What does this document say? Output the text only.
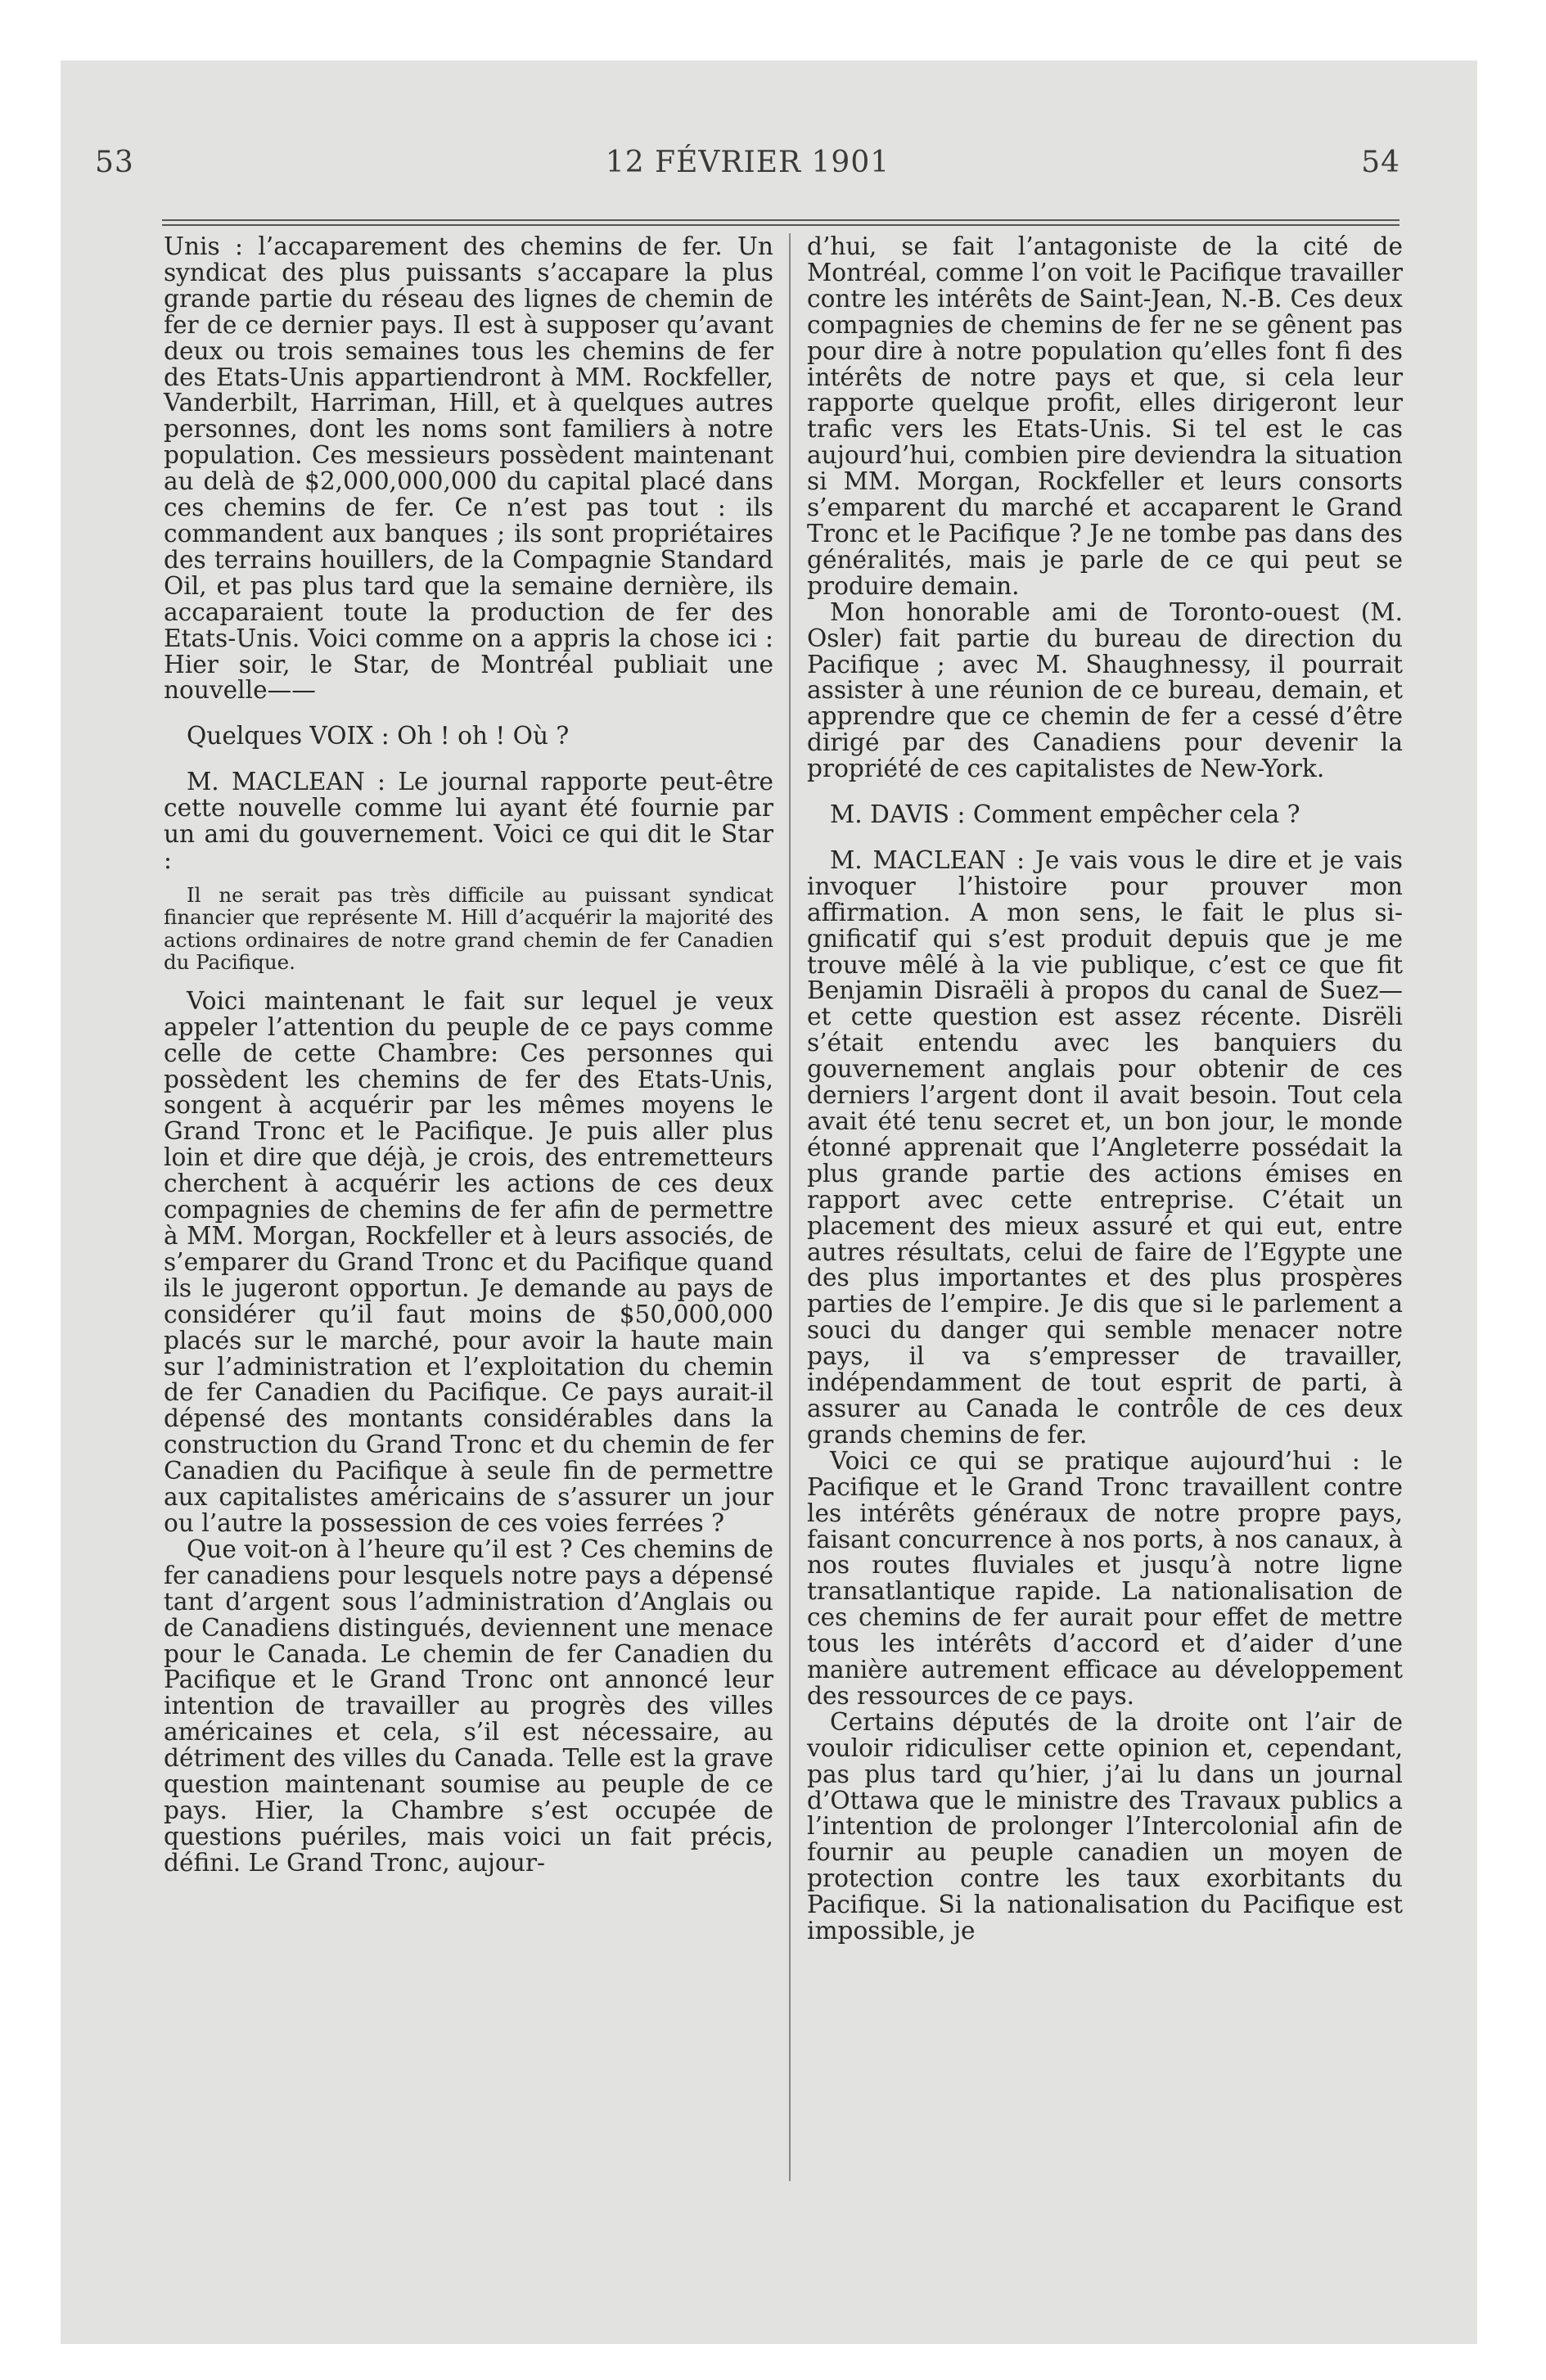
53	12 FÉVRIER 1901	54

Unis : l’accaparement des chemins de fer. Un syndicat des plus puissants s’accapare la plus grande partie du réseau des lignes de chemin de fer de ce dernier pays. Il est à supposer qu’avant deux ou trois semaines tous les chemins de fer des Etats-Unis appartiendront à MM. Rockfeller, Vanderbilt, Harriman, Hill, et à quelques autres personnes, dont les noms sont familiers à notre population. Ces messieurs possèdent maintenant au delà de $2,000,000,000 du capital placé dans ces chemins de fer. Ce n’est pas tout : ils commandent aux banques ; ils sont propriétaires des terrains houillers, de la Compagnie Standard Oil, et pas plus tard que la semaine dernière, ils accaparaient toute la production de fer des Etats-Unis. Voici comme on a appris la chose ici : Hier soir, le Star, de Montréal publiait une nouvelle——

Quelques VOIX : Oh ! oh ! Où ?

M. MACLEAN : Le journal rapporte peut-être cette nouvelle comme lui ayant été fournie par un ami du gouvernement. Voici ce qui dit le Star :

Il ne serait pas très difficile au puissant syndicat financier que représente M. Hill d’acquérir la majorité des actions ordinaires de notre grand chemin de fer Canadien du Pacifique.

Voici maintenant le fait sur lequel je veux appeler l’attention du peuple de ce pays comme celle de cette Chambre: Ces personnes qui possèdent les chemins de fer des Etats-Unis, songent à acquérir par les mêmes moyens le Grand Tronc et le Pacifique. Je puis aller plus loin et dire que déjà, je crois, des entremetteurs cherchent à acquérir les actions de ces deux compagnies de chemins de fer afin de permettre à MM. Morgan, Rockfeller et à leurs associés, de s’emparer du Grand Tronc et du Pacifique quand ils le jugeront opportun. Je demande au pays de considérer qu’il faut moins de $50,000,000 placés sur le marché, pour avoir la haute main sur l’administration et l’exploitation du chemin de fer Canadien du Pacifique. Ce pays aurait-il dépensé des montants considérables dans la construction du Grand Tronc et du chemin de fer Canadien du Pacifique à seule fin de permettre aux capitalistes américains de s’assurer un jour ou l’autre la possession de ces voies ferrées ?

Que voit-on à l’heure qu’il est ? Ces chemins de fer canadiens pour lesquels notre pays a dépensé tant d’argent sous l’administration d’Anglais ou de Canadiens distingués, deviennent une menace pour le Canada. Le chemin de fer Canadien du Pacifique et le Grand Tronc ont annoncé leur intention de travailler au progrès des villes américaines et cela, s’il est nécessaire, au détriment des villes du Canada. Telle est la grave question maintenant soumise au peuple de ce pays. Hier, la Chambre s’est occupée de questions puériles, mais voici un fait précis, défini. Le Grand Tronc, aujour-

d’hui, se fait l’antagoniste de la cité de Montréal, comme l’on voit le Pacifique travailler contre les intérêts de Saint-Jean, N.-B. Ces deux compagnies de chemins de fer ne se gênent pas pour dire à notre population qu’elles font fi des intérêts de notre pays et que, si cela leur rapporte quelque profit, elles dirigeront leur trafic vers les Etats-Unis. Si tel est le cas aujourd’hui, combien pire deviendra la situation si MM. Morgan, Rockfeller et leurs consorts s’emparent du marché et accaparent le Grand Tronc et le Pacifique ? Je ne tombe pas dans des généralités, mais je parle de ce qui peut se produire demain.

Mon honorable ami de Toronto-ouest (M. Osler) fait partie du bureau de direction du Pacifique ; avec M. Shaughnessy, il pourrait assister à une réunion de ce bureau, demain, et apprendre que ce chemin de fer a cessé d’être dirigé par des Canadiens pour devenir la propriété de ces capitalistes de New-York.

M. DAVIS : Comment empêcher cela ?

M. MACLEAN : Je vais vous le dire et je vais invoquer l’histoire pour prouver mon affirmation. A mon sens, le fait le plus significatif qui s’est produit depuis que je me trouve mêlé à la vie publique, c’est ce que fit Benjamin Disraëli à propos du canal de Suez—et cette question est assez récente. Disrëli s’était entendu avec les banquiers du gouvernement anglais pour obtenir de ces derniers l’argent dont il avait besoin. Tout cela avait été tenu secret et, un bon jour, le monde étonné apprenait que l’Angleterre possédait la plus grande partie des actions émises en rapport avec cette entreprise. C’était un placement des mieux assuré et qui eut, entre autres résultats, celui de faire de l’Egypte une des plus importantes et des plus prospères parties de l’empire. Je dis que si le parlement a souci du danger qui semble menacer notre pays, il va s’empresser de travailler, indépendamment de tout esprit de parti, à assurer au Canada le contrôle de ces deux grands chemins de fer.

Voici ce qui se pratique aujourd’hui : le Pacifique et le Grand Tronc travaillent contre les intérêts généraux de notre propre pays, faisant concurrence à nos ports, à nos canaux, à nos routes fluviales et jusqu’à notre ligne transatlantique rapide. La nationalisation de ces chemins de fer aurait pour effet de mettre tous les intérêts d’accord et d’aider d’une manière autrement efficace au développement des ressources de ce pays.

Certains députés de la droite ont l’air de vouloir ridiculiser cette opinion et, cependant, pas plus tard qu’hier, j’ai lu dans un journal d’Ottawa que le ministre des Travaux publics a l’intention de prolonger l’Intercolonial afin de fournir au peuple canadien un moyen de protection contre les taux exorbitants du Pacifique. Si la nationalisation du Pacifique est impossible, je
